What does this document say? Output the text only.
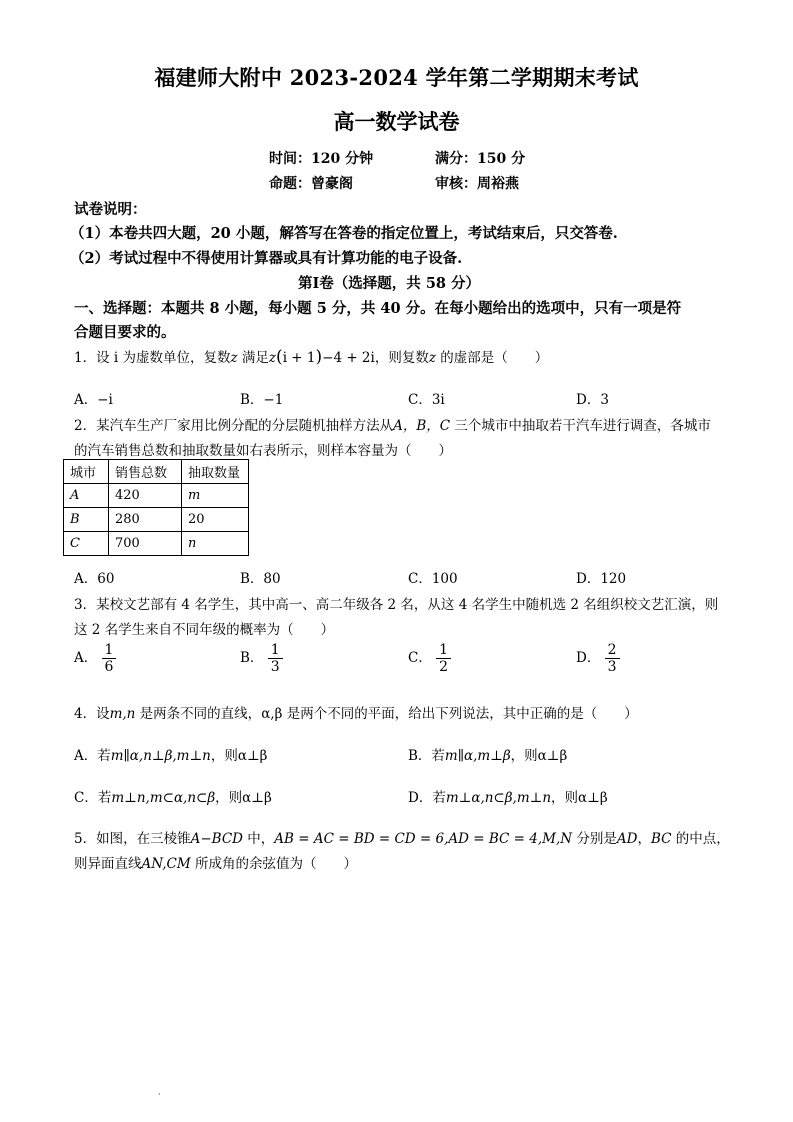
福建师大附中 2023-2024 学年第二学期期末考试
高一数学试卷
时间：120 分钟	满分：150 分
命题：曾豪阁	审核：周裕燕
试卷说明：
（1）本卷共四大题，20 小题，解答写在答卷的指定位置上，考试结束后，只交答卷.
（2）考试过程中不得使用计算器或具有计算功能的电子设备.
第Ⅰ卷（选择题，共 58 分）
一、选择题：本题共 8 小题，每小题 5 分，共 40 分。在每小题给出的选项中，只有一项是符
合题目要求的。
1．设 i 为虚数单位，复数z 满足z(i + 1)−4 + 2i，则复数z 的虚部是（　　）
A．−i	B．−1	C．3i	D．3
2．某汽车生产厂家用比例分配的分层随机抽样方法从A，B，C 三个城市中抽取若干汽车进行调查，各城市
的汽车销售总数和抽取数量如右表所示，则样本容量为（　　）
城市	销售总数	抽取数量
A	420	m
B	280	20
C	700	n
A．60	B．80	C．100	D．120
3．某校文艺部有 4 名学生，其中高一、高二年级各 2 名，从这 4 名学生中随机选 2 名组织校文艺汇演，则
这 2 名学生来自不同年级的概率为（　　）
A． $\frac{1}{6}$	B． $\frac{1}{3}$	C． $\frac{1}{2}$	D． $\frac{2}{3}$
4．设m,n 是两条不同的直线，α,β 是两个不同的平面，给出下列说法，其中正确的是（　　）
A．若m∥α,n⊥β,m⊥n，则α⊥β	B．若m∥α,m⊥β，则α⊥β
C．若m⊥n,m⊂α,n⊂β，则α⊥β	D．若m⊥α,n⊂β,m⊥n，则α⊥β
5．如图，在三棱锥A−BCD 中，AB = AC = BD = CD = 6,AD = BC = 4,M,N 分别是AD，BC 的中点，
则异面直线AN,CM 所成角的余弦值为（　　）
·
